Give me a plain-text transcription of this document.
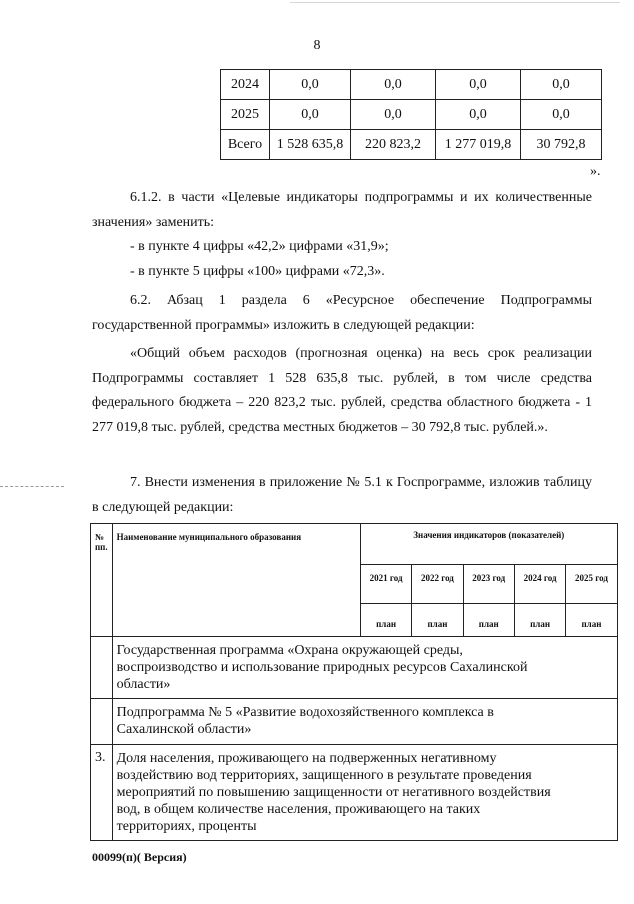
8
2024	0,0	0,0	0,0	0,0
2025	0,0	0,0	0,0	0,0
Всего	1 528 635,8	220 823,2	1 277 019,8	30 792,8
».
6.1.2. в части «Целевые индикаторы подпрограммы и их количественные значения» заменить:
- в пункте 4 цифры «42,2» цифрами «31,9»;
- в пункте 5 цифры «100» цифрами «72,3».
6.2. Абзац 1 раздела 6 «Ресурсное обеспечение Подпрограммы государственной программы» изложить в следующей редакции:
«Общий объем расходов (прогнозная оценка) на весь срок реализации Подпрограммы составляет 1 528 635,8 тыс. рублей, в том числе средства федерального бюджета – 220 823,2 тыс. рублей, средства областного бюджета - 1 277 019,8 тыс. рублей, средства местных бюджетов – 30 792,8 тыс. рублей.».
7. Внести изменения в приложение № 5.1 к Госпрограмме, изложив таблицу в следующей редакции:
№ пп.	Наименование муниципального образования	Значения индикаторов (показателей)				
		2021 год	2022 год	2023 год	2024 год	2025 год
		план	план	план	план	план

	Государственная программа «Охрана окружающей среды, воспроизводство и использование природных ресурсов Сахалинской области»					

	Подпрограмма № 5 «Развитие водохозяйственного комплекса в Сахалинской области»					

3.	Доля населения, проживающего на подверженных негативному воздействию вод территориях, защищенного в результате проведения мероприятий по повышению защищенности от негативного воздействия вод, в общем количестве населения, проживающего на таких территориях, проценты					
00099(п)( Версия)
